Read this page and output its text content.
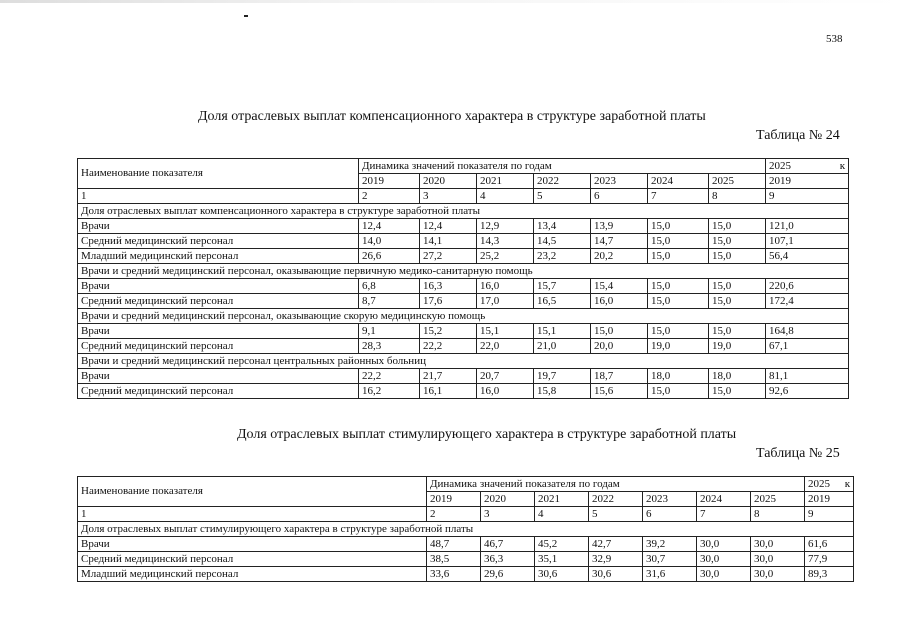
538
Доля отраслевых выплат компенсационного характера в структуре заработной платы
Таблица № 24
Наименование показателя	Динамика значений показателя по годам							2025 к

	2019	2020	2021	2022	2023	2024	2025	2019
1	2	3	4	5	6	7	8	9
Доля отраслевых выплат компенсационного характера в структуре заработной платы								
Врачи	12,4	12,4	12,9	13,4	13,9	15,0	15,0	121,0
Средний медицинский персонал	14,0	14,1	14,3	14,5	14,7	15,0	15,0	107,1
Младший медицинский персонал	26,6	27,2	25,2	23,2	20,2	15,0	15,0	56,4
Врачи и средний медицинский персонал, оказывающие первичную медико-санитарную помощь								
Врачи	6,8	16,3	16,0	15,7	15,4	15,0	15,0	220,6
Средний медицинский персонал	8,7	17,6	17,0	16,5	16,0	15,0	15,0	172,4
Врачи и средний медицинский персонал, оказывающие скорую медицинскую помощь								
Врачи	9,1	15,2	15,1	15,1	15,0	15,0	15,0	164,8
Средний медицинский персонал	28,3	22,2	22,0	21,0	20,0	19,0	19,0	67,1
Врачи и средний медицинский персонал центральных районных больниц								
Врачи	22,2	21,7	20,7	19,7	18,7	18,0	18,0	81,1
Средний медицинский персонал	16,2	16,1	16,0	15,8	15,6	15,0	15,0	92,6
Доля отраслевых выплат стимулирующего характера в структуре заработной платы
Таблица № 25
Наименование показателя	Динамика значений показателя по годам							2025 к

	2019	2020	2021	2022	2023	2024	2025	2019
1	2	3	4	5	6	7	8	9
Доля отраслевых выплат стимулирующего характера в структуре заработной платы								
Врачи	48,7	46,7	45,2	42,7	39,2	30,0	30,0	61,6
Средний медицинский персонал	38,5	36,3	35,1	32,9	30,7	30,0	30,0	77,9
Младший медицинский персонал	33,6	29,6	30,6	30,6	31,6	30,0	30,0	89,3
